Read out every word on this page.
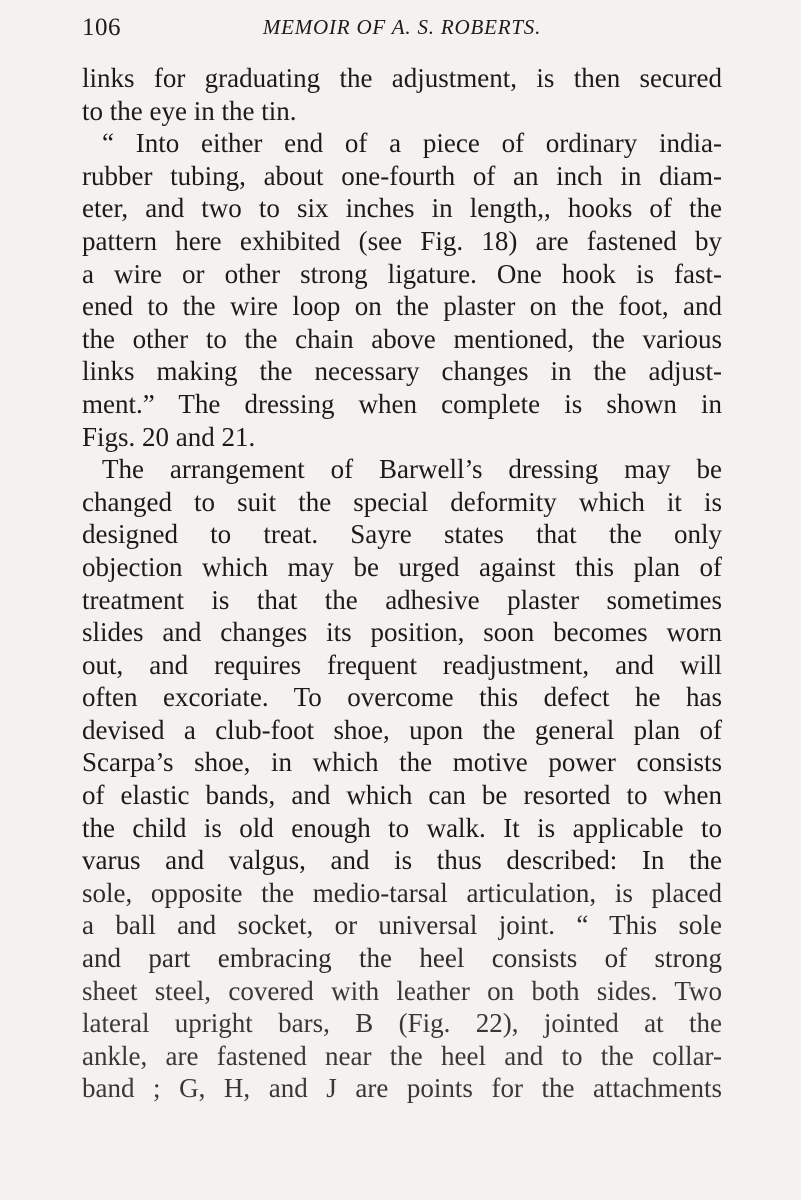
106	MEMOIR OF A. S. ROBERTS.
links for graduating the adjustment, is then secured
to the eye in the tin.
“ Into either end of a piece of ordinary india-
rubber tubing, about one-fourth of an inch in diam-
eter, and two to six inches in length,, hooks of the
pattern here exhibited (see Fig. 18) are fastened by
a wire or other strong ligature. One hook is fast-
ened to the wire loop on the plaster on the foot, and
the other to the chain above mentioned, the various
links making the necessary changes in the adjust-
ment.” The dressing when complete is shown in
Figs. 20 and 21.
The arrangement of Barwell’s dressing may be
changed to suit the special deformity which it is
designed to treat. Sayre states that the only
objection which may be urged against this plan of
treatment is that the adhesive plaster sometimes
slides and changes its position, soon becomes worn
out, and requires frequent readjustment, and will
often excoriate. To overcome this defect he has
devised a club-foot shoe, upon the general plan of
Scarpa’s shoe, in which the motive power consists
of elastic bands, and which can be resorted to when
the child is old enough to walk. It is applicable to
varus and valgus, and is thus described: In the
sole, opposite the medio-tarsal articulation, is placed
a ball and socket, or universal joint. “ This sole
and part embracing the heel consists of strong
sheet steel, covered with leather on both sides. Two
lateral upright bars, B (Fig. 22), jointed at the
ankle, are fastened near the heel and to the collar-
band ; G, H, and J are points for the attachments
